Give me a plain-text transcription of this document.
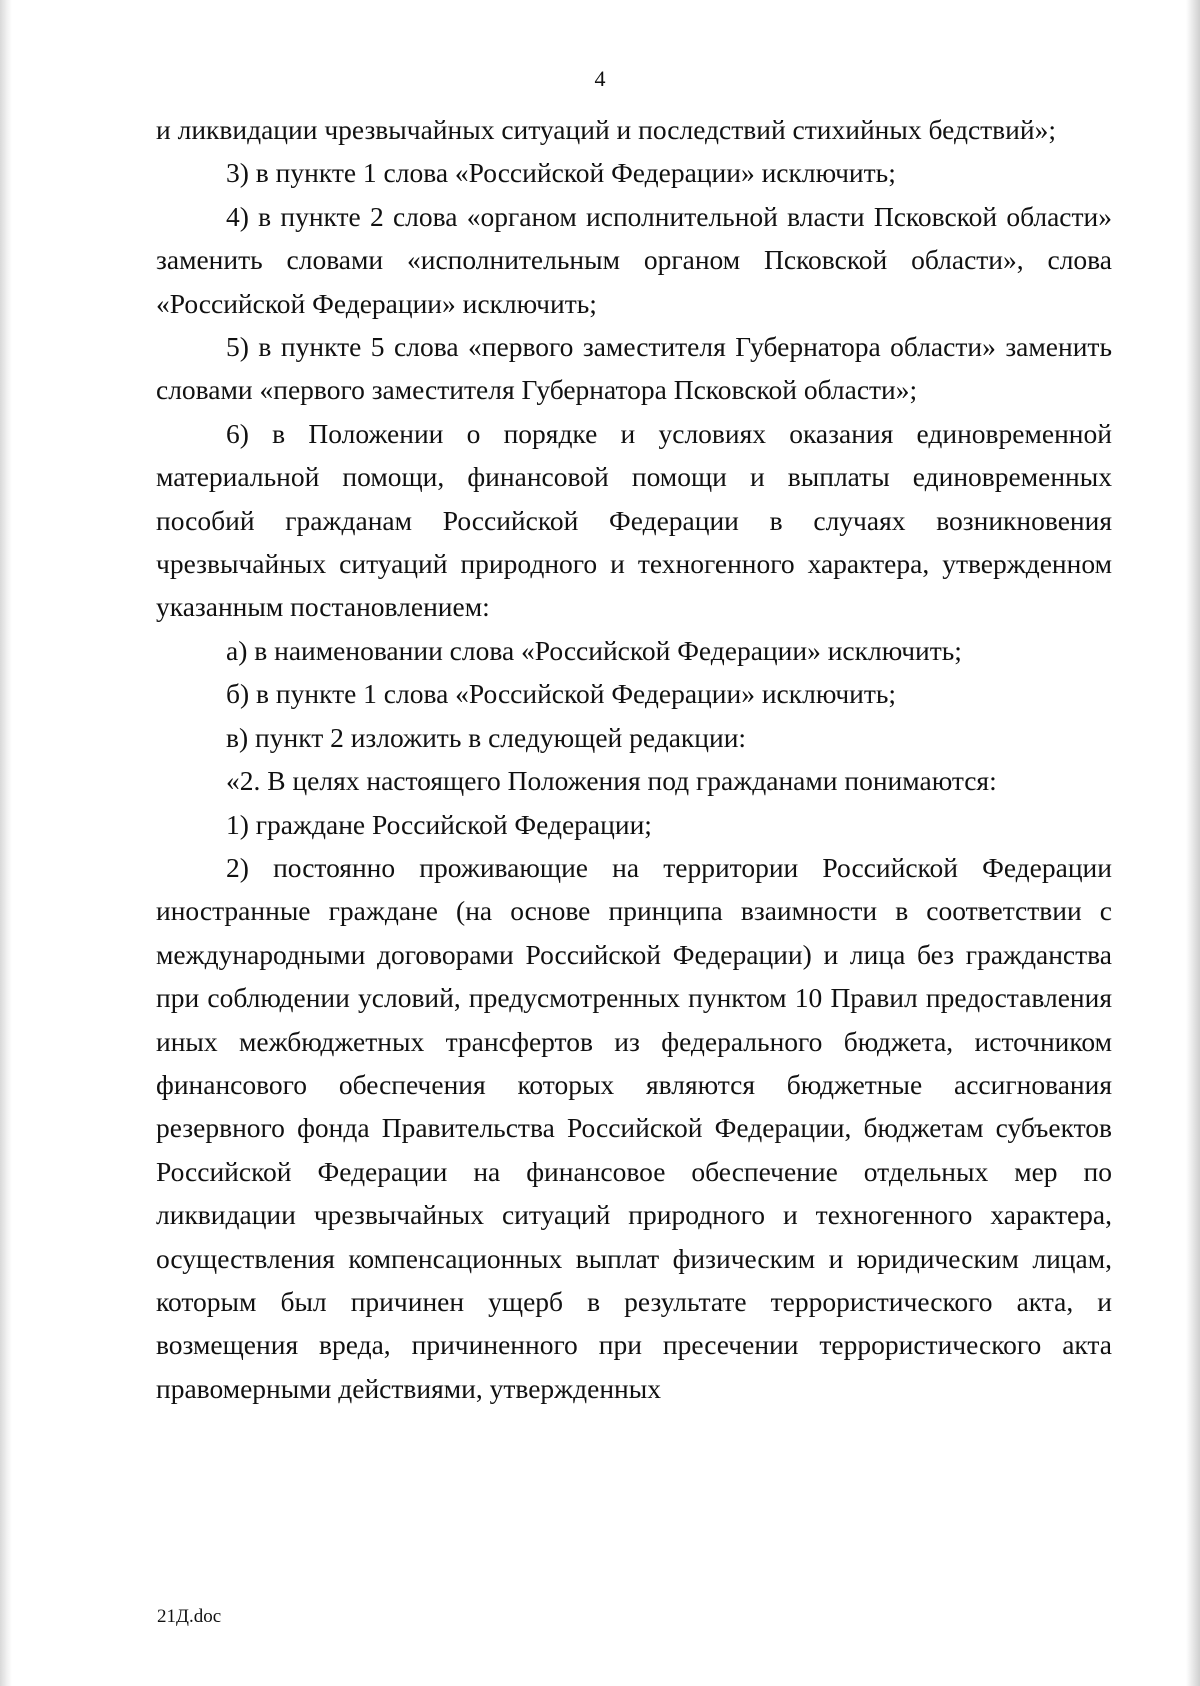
4

и ликвидации чрезвычайных ситуаций и последствий стихийных бедствий»;

3) в пункте 1 слова «Российской Федерации» исключить;

4) в пункте 2 слова «органом исполнительной власти Псковской области» заменить словами «исполнительным органом Псковской области», слова «Российской Федерации» исключить;

5) в пункте 5 слова «первого заместителя Губернатора области» заменить словами «первого заместителя Губернатора Псковской области»;

6) в Положении о порядке и условиях оказания единовременной материальной помощи, финансовой помощи и выплаты единовременных пособий гражданам Российской Федерации в случаях возникновения чрезвычайных ситуаций природного и техногенного характера, утвержденном указанным постановлением:

а) в наименовании слова «Российской Федерации» исключить;

б) в пункте 1 слова «Российской Федерации» исключить;

в) пункт 2 изложить в следующей редакции:

«2. В целях настоящего Положения под гражданами понимаются:

1) граждане Российской Федерации;

2) постоянно проживающие на территории Российской Федерации иностранные граждане (на основе принципа взаимности в соответствии с международными договорами Российской Федерации) и лица без гражданства при соблюдении условий, предусмотренных пунктом 10 Правил предоставления иных межбюджетных трансфертов из федерального бюджета, источником финансового обеспечения которых являются бюджетные ассигнования резервного фонда Правительства Российской Федерации, бюджетам субъектов Российской Федерации на финансовое обеспечение отдельных мер по ликвидации чрезвычайных ситуаций природного и техногенного характера, осуществления компенсационных выплат физическим и юридическим лицам, которым был причинен ущерб в результате террористического акта, и возмещения вреда, причиненного при пресечении террористического акта правомерными действиями, утвержденных

21Д.doc
